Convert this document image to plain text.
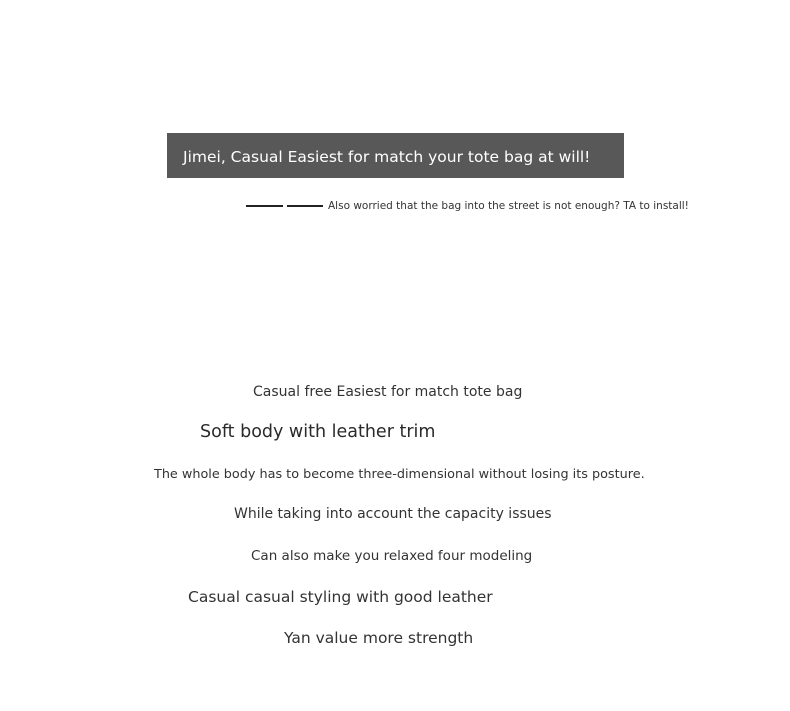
Jimei, Casual Easiest for match your tote bag at will!
Also worried that the bag into the street is not enough? TA to install!
Casual free Easiest for match tote bag
Soft body with leather trim
The whole body has to become three-dimensional without losing its posture.
While taking into account the capacity issues
Can also make you relaxed four modeling
Casual casual styling with good leather
Yan value more strength
